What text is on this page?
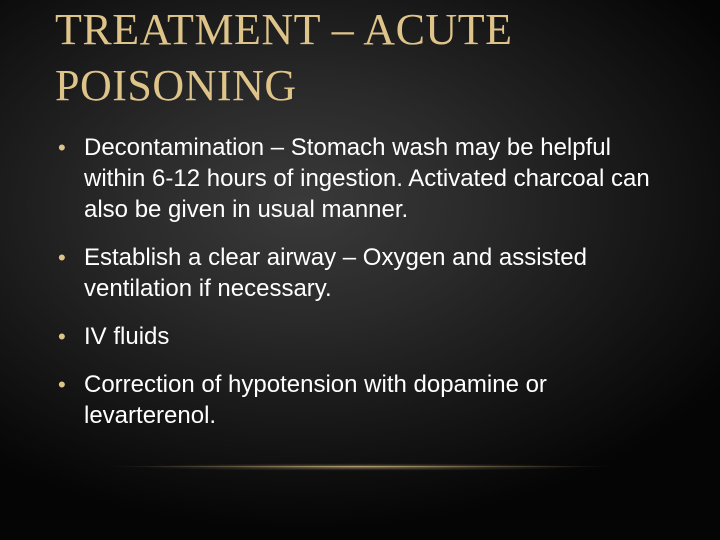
TREATMENT – ACUTE POISONING
• Decontamination – Stomach wash may be helpful within 6-12 hours of ingestion. Activated charcoal can also be given in usual manner.
• Establish a clear airway – Oxygen and assisted ventilation if necessary.
• IV fluids
• Correction of hypotension with dopamine or levarterenol.
